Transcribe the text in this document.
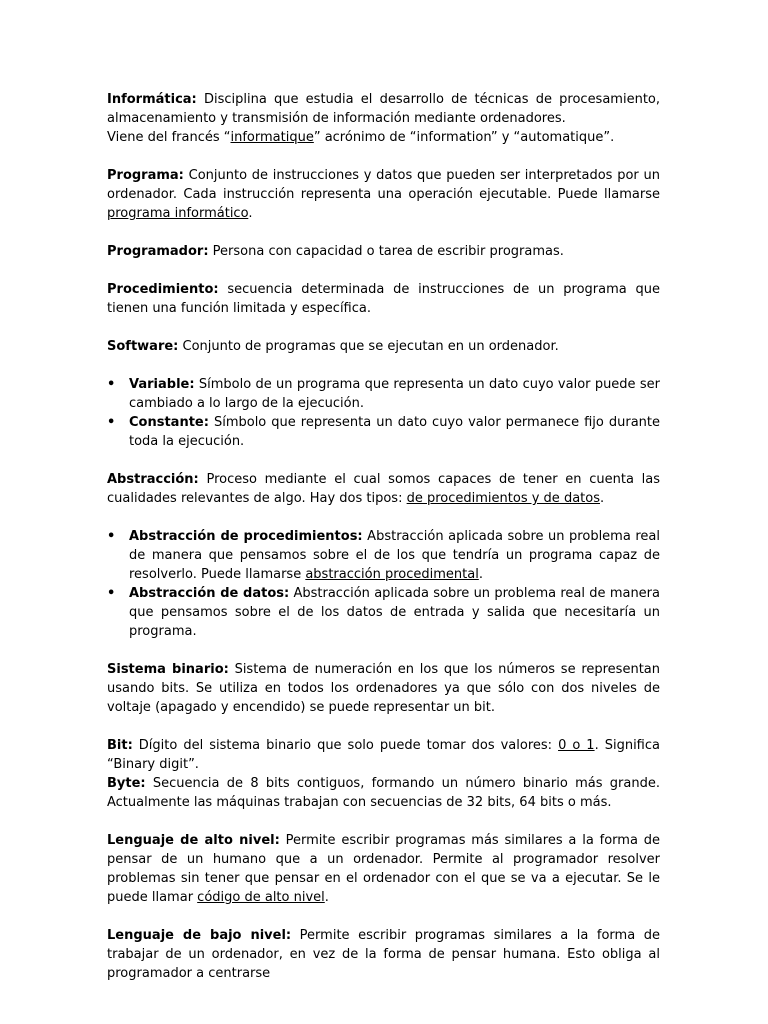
Informática: Disciplina que estudia el desarrollo de técnicas de procesamiento, almacenamiento y transmisión de información mediante ordenadores.
Viene del francés “informatique” acrónimo de “information” y “automatique”.

Programa: Conjunto de instrucciones y datos que pueden ser interpretados por un ordenador. Cada instrucción representa una operación ejecutable. Puede llamarse programa informático.

Programador: Persona con capacidad o tarea de escribir programas.

Procedimiento: secuencia determinada de instrucciones de un programa que tienen una función limitada y específica.

Software: Conjunto de programas que se ejecutan en un ordenador.

• Variable: Símbolo de un programa que representa un dato cuyo valor puede ser cambiado a lo largo de la ejecución.
• Constante: Símbolo que representa un dato cuyo valor permanece fijo durante toda la ejecución.

Abstracción: Proceso mediante el cual somos capaces de tener en cuenta las cualidades relevantes de algo. Hay dos tipos: de procedimientos y de datos.

• Abstracción de procedimientos: Abstracción aplicada sobre un problema real de manera que pensamos sobre el de los que tendría un programa capaz de resolverlo. Puede llamarse abstracción procedimental.
• Abstracción de datos: Abstracción aplicada sobre un problema real de manera que pensamos sobre el de los datos de entrada y salida que necesitaría un programa.

Sistema binario: Sistema de numeración en los que los números se representan usando bits. Se utiliza en todos los ordenadores ya que sólo con dos niveles de voltaje (apagado y encendido) se puede representar un bit.

Bit: Dígito del sistema binario que solo puede tomar dos valores: 0 o 1. Significa “Binary digit”.

Byte: Secuencia de 8 bits contiguos, formando un número binario más grande. Actualmente las máquinas trabajan con secuencias de 32 bits, 64 bits o más.

Lenguaje de alto nivel: Permite escribir programas más similares a la forma de pensar de un humano que a un ordenador. Permite al programador resolver problemas sin tener que pensar en el ordenador con el que se va a ejecutar. Se le puede llamar código de alto nivel.

Lenguaje de bajo nivel: Permite escribir programas similares a la forma de trabajar de un ordenador, en vez de la forma de pensar humana. Esto obliga al programador a centrarse
